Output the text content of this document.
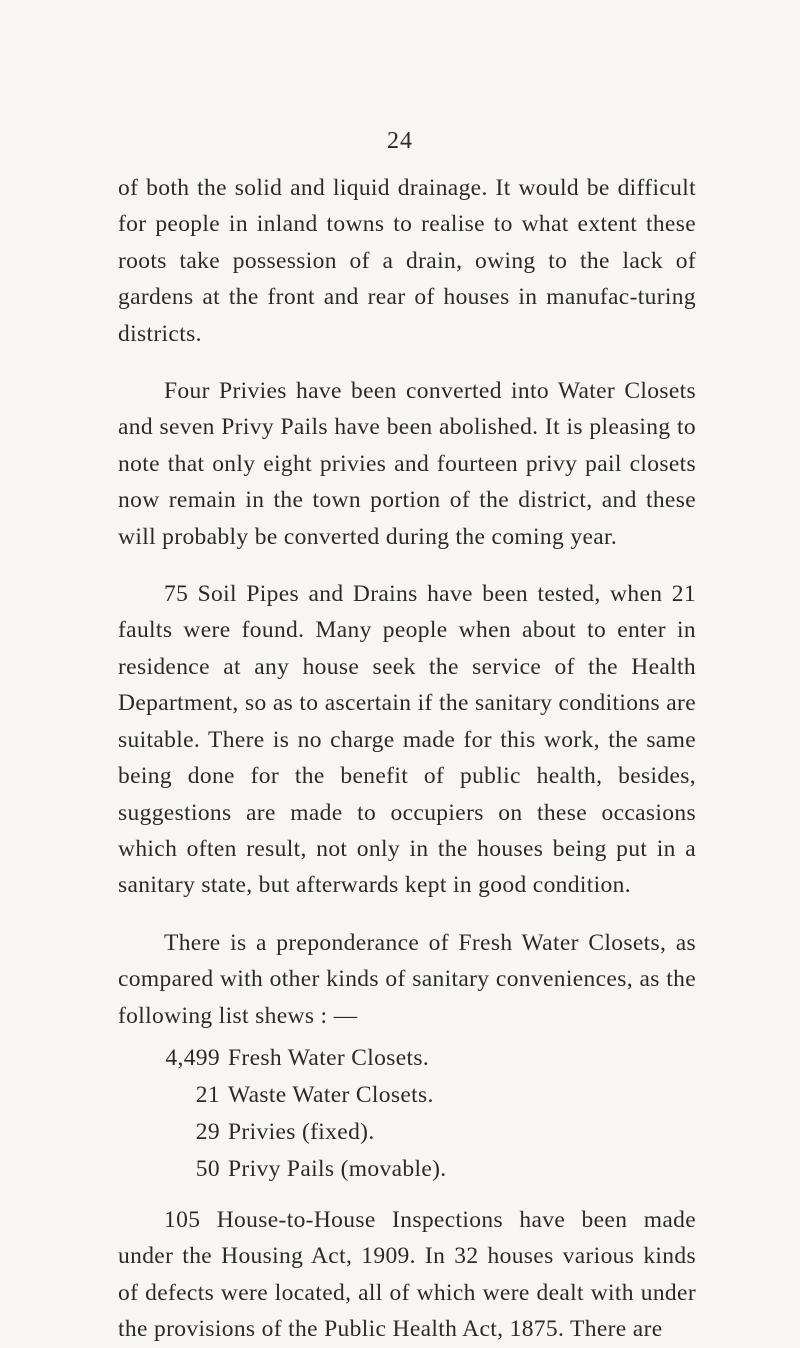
24

of both the solid and liquid drainage. It would be difficult for people in inland towns to realise to what extent these roots take possession of a drain, owing to the lack of gardens at the front and rear of houses in manufac-turing districts.

Four Privies have been converted into Water Closets and seven Privy Pails have been abolished. It is pleasing to note that only eight privies and fourteen privy pail closets now remain in the town portion of the district, and these will probably be converted during the coming year.

75 Soil Pipes and Drains have been tested, when 21 faults were found. Many people when about to enter in residence at any house seek the service of the Health Department, so as to ascertain if the sanitary conditions are suitable. There is no charge made for this work, the same being done for the benefit of public health, besides, suggestions are made to occupiers on these occasions which often result, not only in the houses being put in a sanitary state, but afterwards kept in good condition.

There is a preponderance of Fresh Water Closets, as compared with other kinds of sanitary conveniences, as the following list shews : —

4,499 Fresh Water Closets.
21 Waste Water Closets.
29 Privies (fixed).
50 Privy Pails (movable).

105 House-to-House Inspections have been made under the Housing Act, 1909. In 32 houses various kinds of defects were located, all of which were dealt with under the provisions of the Public Health Act, 1875. There are
